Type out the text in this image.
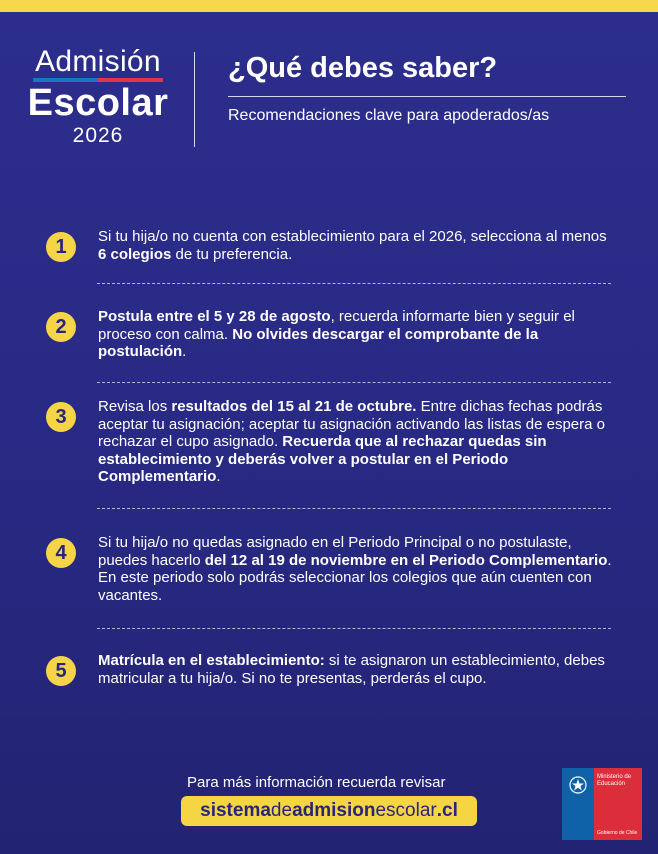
Admisión
Escolar
2026
¿Qué debes saber?
Recomendaciones clave para apoderados/as
1	Si tu hija/o no cuenta con establecimiento para el 2026, selecciona al menos 6 colegios de tu preferencia.
2	Postula entre el 5 y 28 de agosto, recuerda informarte bien y seguir el proceso con calma. No olvides descargar el comprobante de la postulación.
3	Revisa los resultados del 15 al 21 de octubre. Entre dichas fechas podrás aceptar tu asignación; aceptar tu asignación activando las listas de espera o rechazar el cupo asignado. Recuerda que al rechazar quedas sin establecimiento y deberás volver a postular en el Periodo Complementario.
4	Si tu hija/o no quedas asignado en el Periodo Principal o no postulaste, puedes hacerlo del 12 al 19 de noviembre en el Periodo Complementario. En este periodo solo podrás seleccionar los colegios que aún cuenten con vacantes.
5	Matrícula en el establecimiento: si te asignaron un establecimiento, debes matricular a tu hija/o. Si no te presentas, perderás el cupo.
Para más información recuerda revisar
sistemadeadmisionescolar.cl
Ministerio de Educación
Gobierno de Chile
